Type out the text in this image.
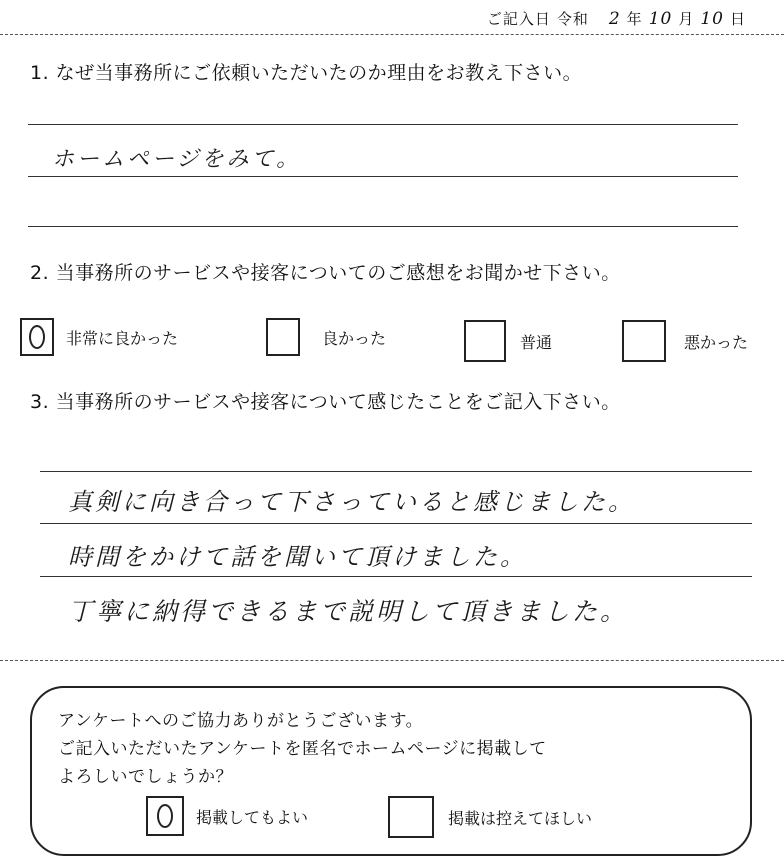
ご記入日 令和 2 年 10 月 10 日
1. なぜ当事務所にご依頼いただいたのか理由をお教え下さい。
ホームページをみて。
2. 当事務所のサービスや接客についてのご感想をお聞かせ下さい。
非常に良かった	良かった	普通	悪かった
3. 当事務所のサービスや接客について感じたことをご記入下さい。
真剣に向き合って下さっていると感じました。
時間をかけて話を聞いて頂けました。
丁寧に納得できるまで説明して頂きました。
アンケートへのご協力ありがとうございます。
ご記入いただいたアンケートを匿名でホームページに掲載して
よろしいでしょうか？
掲載してもよい	掲載は控えてほしい
